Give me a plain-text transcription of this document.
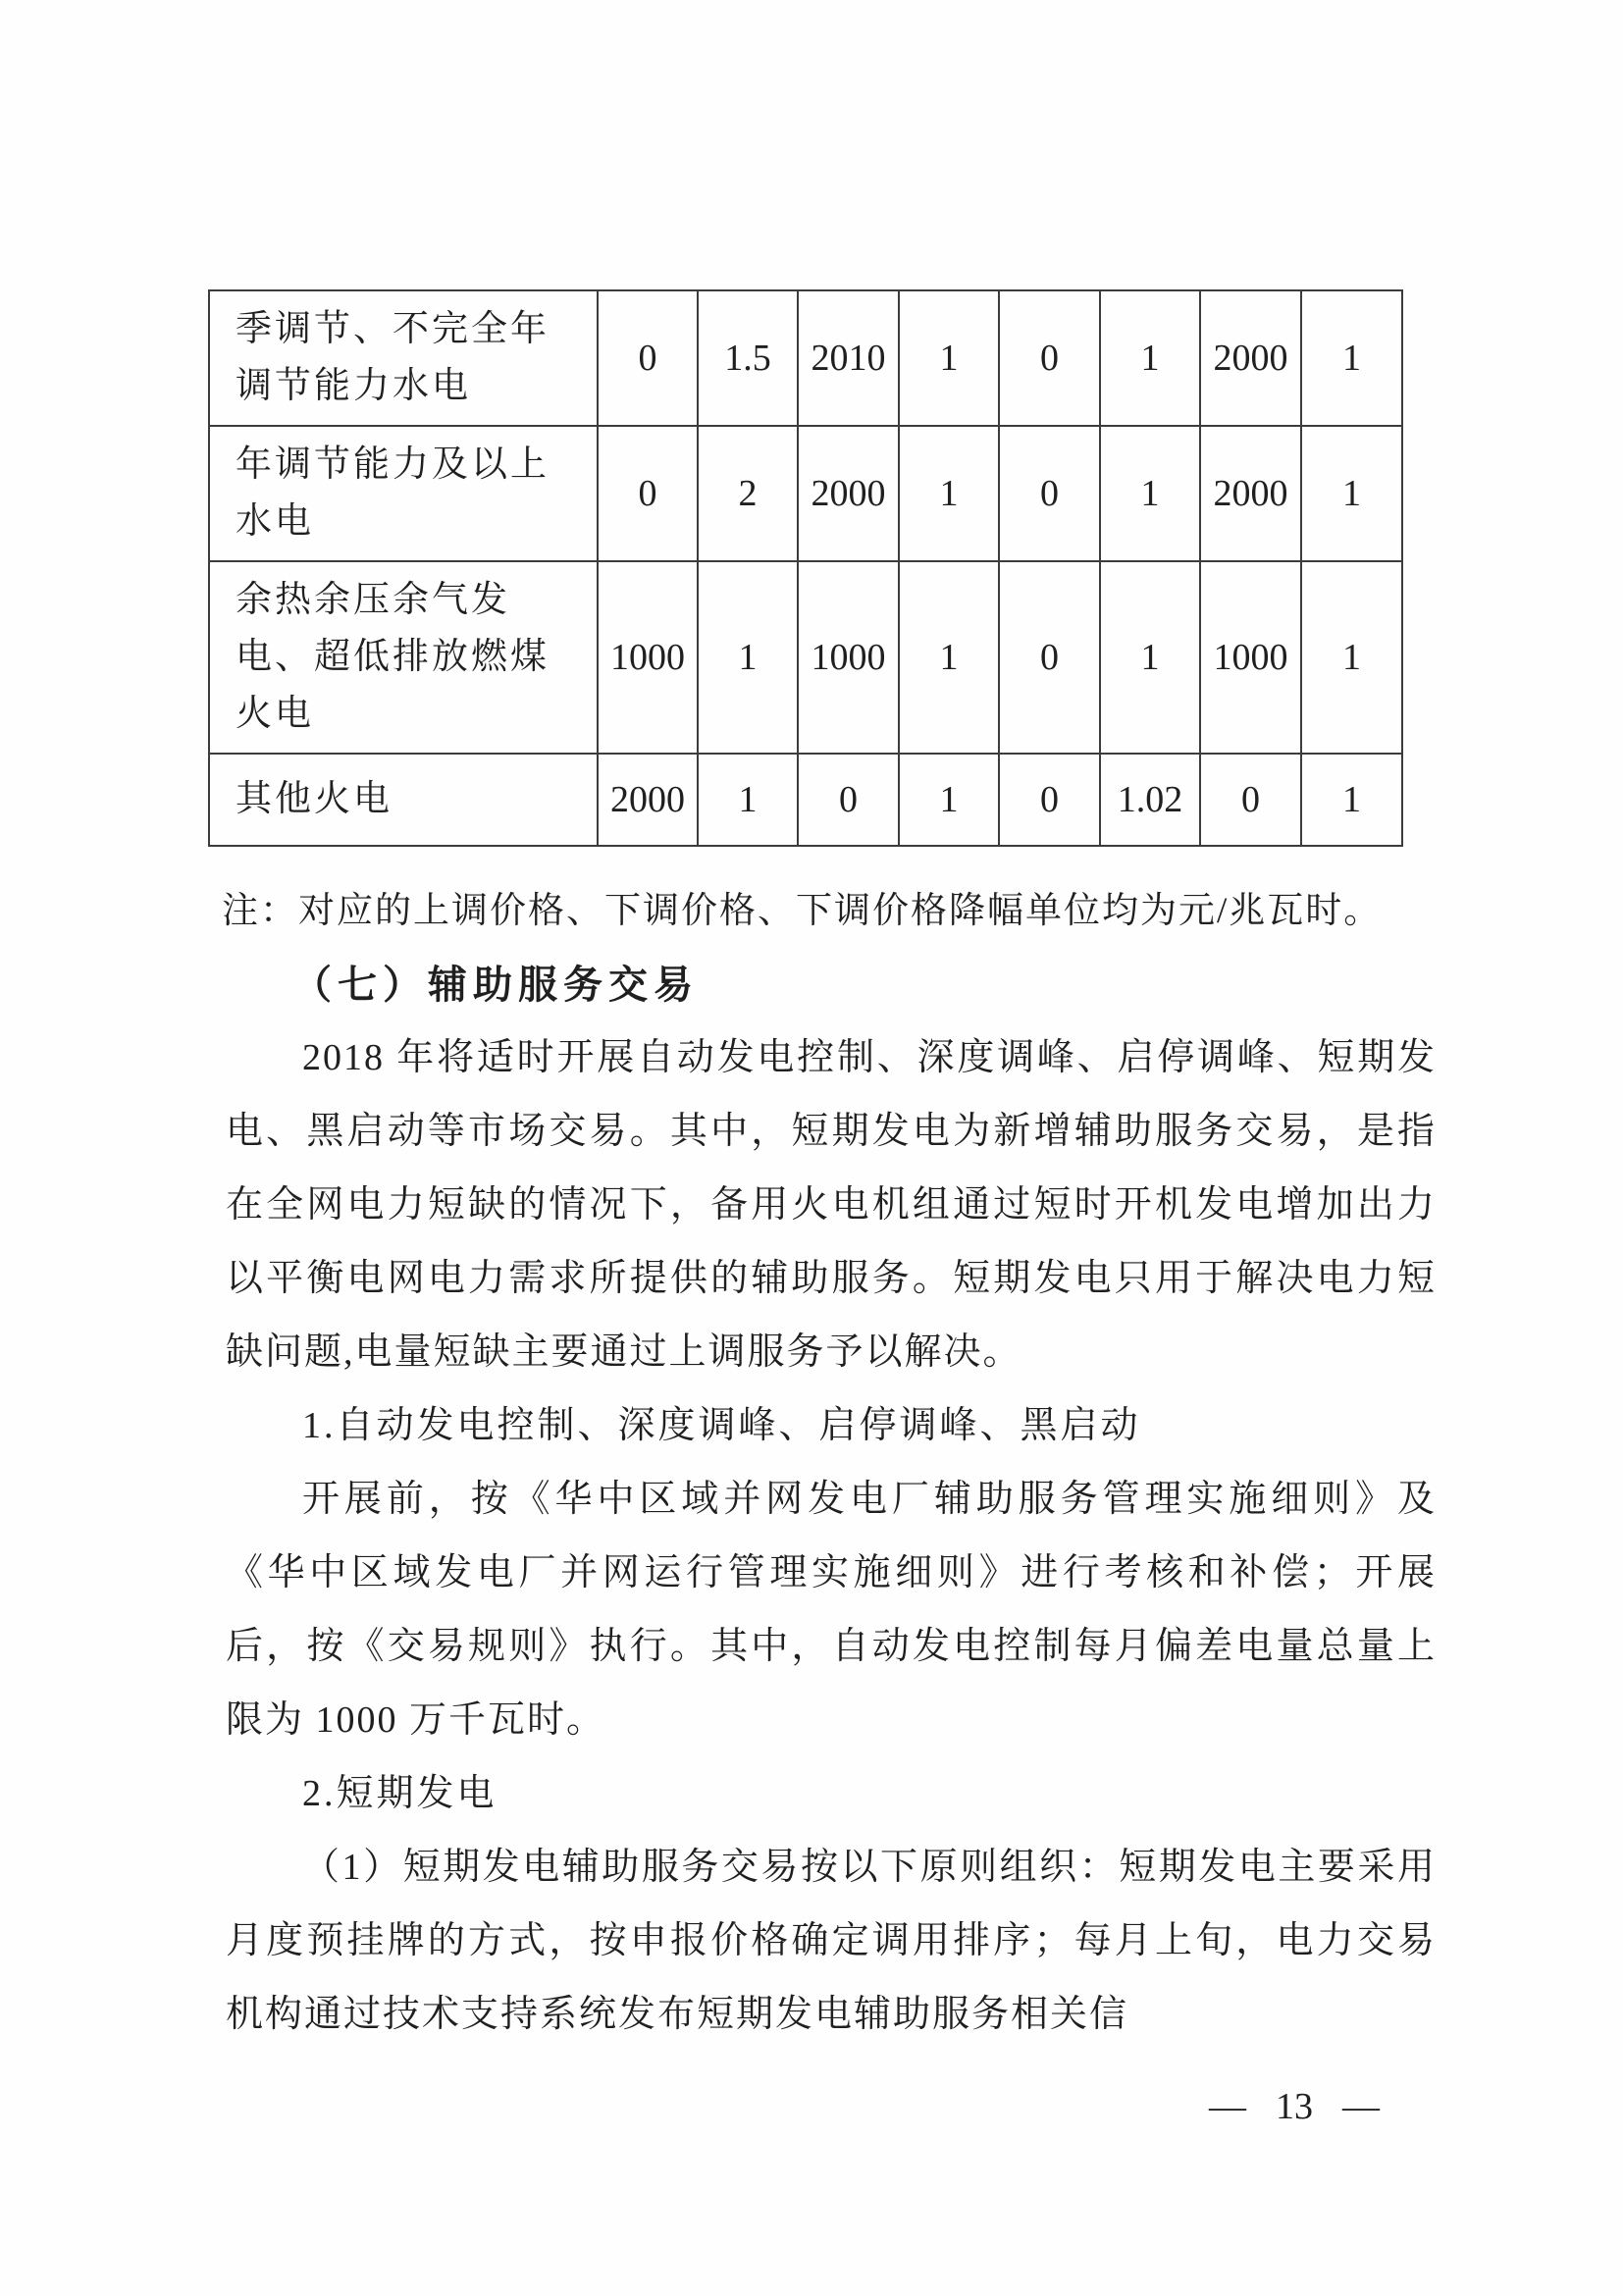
季调节、不完全年调节能力水电	0	1.5	2010	1	0	1	2000	1
年调节能力及以上水电	0	2	2000	1	0	1	2000	1
余热余压余气发电、超低排放燃煤火电	1000	1	1000	1	0	1	1000	1
其他火电	2000	1	0	1	0	1.02	0	1

注：对应的上调价格、下调价格、下调价格降幅单位均为元/兆瓦时。

（七）辅助服务交易

2018 年将适时开展自动发电控制、深度调峰、启停调峰、短期发电、黑启动等市场交易。其中，短期发电为新增辅助服务交易，是指在全网电力短缺的情况下，备用火电机组通过短时开机发电增加出力以平衡电网电力需求所提供的辅助服务。短期发电只用于解决电力短缺问题,电量短缺主要通过上调服务予以解决。

1.自动发电控制、深度调峰、启停调峰、黑启动

开展前，按《华中区域并网发电厂辅助服务管理实施细则》及《华中区域发电厂并网运行管理实施细则》进行考核和补偿；开展后，按《交易规则》执行。其中，自动发电控制每月偏差电量总量上限为 1000 万千瓦时。

2.短期发电

（1）短期发电辅助服务交易按以下原则组织：短期发电主要采用月度预挂牌的方式，按申报价格确定调用排序；每月上旬，电力交易机构通过技术支持系统发布短期发电辅助服务相关信

— 13 —
